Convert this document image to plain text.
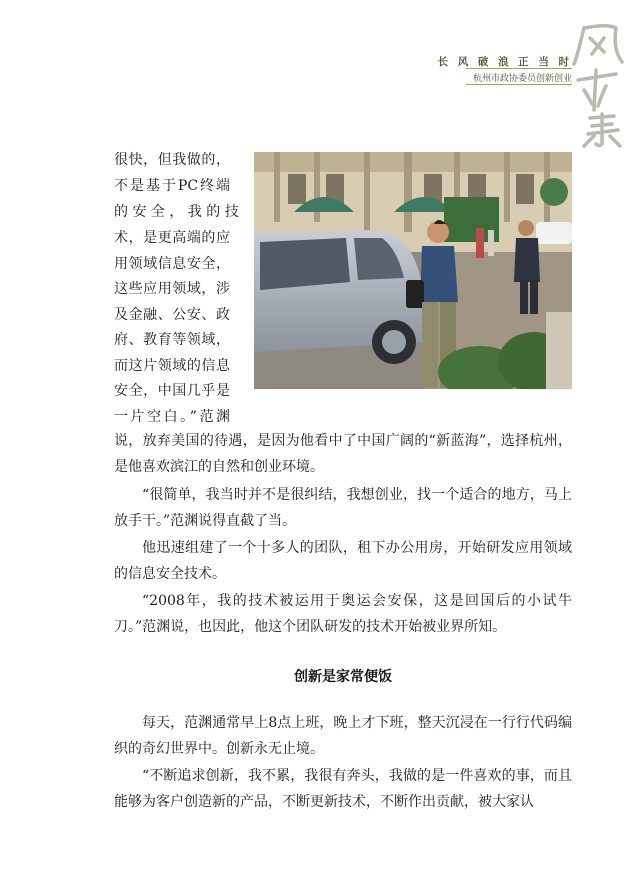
长 风 破 浪 正 当 时
杭州市政协委员创新创业
很快，但我做的，
不是基于PC终端
的 安 全 ， 我 的 技
术，是更高端的应
用领域信息安全，
这些应用领域，涉
及金融、公安、政
府、教育等领域，
而这片领域的信息
安全，中国几乎是
一片空白。”范渊

说，放弃美国的待遇，是因为他看中了中国广阔的“新蓝海”，选择杭州，是他喜欢滨江的自然和创业环境。

“很简单，我当时并不是很纠结，我想创业，找一个适合的地方，马上放手干。”范渊说得直截了当。

他迅速组建了一个十多人的团队，租下办公用房，开始研发应用领域的信息安全技术。

“2008年，我的技术被运用于奥运会安保，这是回国后的小试牛刀。”范渊说，也因此，他这个团队研发的技术开始被业界所知。

创新是家常便饭

每天，范渊通常早上8点上班，晚上才下班，整天沉浸在一行行代码编织的奇幻世界中。创新永无止境。

“不断追求创新，我不累，我很有奔头，我做的是一件喜欢的事，而且能够为客户创造新的产品，不断更新技术，不断作出贡献，被大家认
